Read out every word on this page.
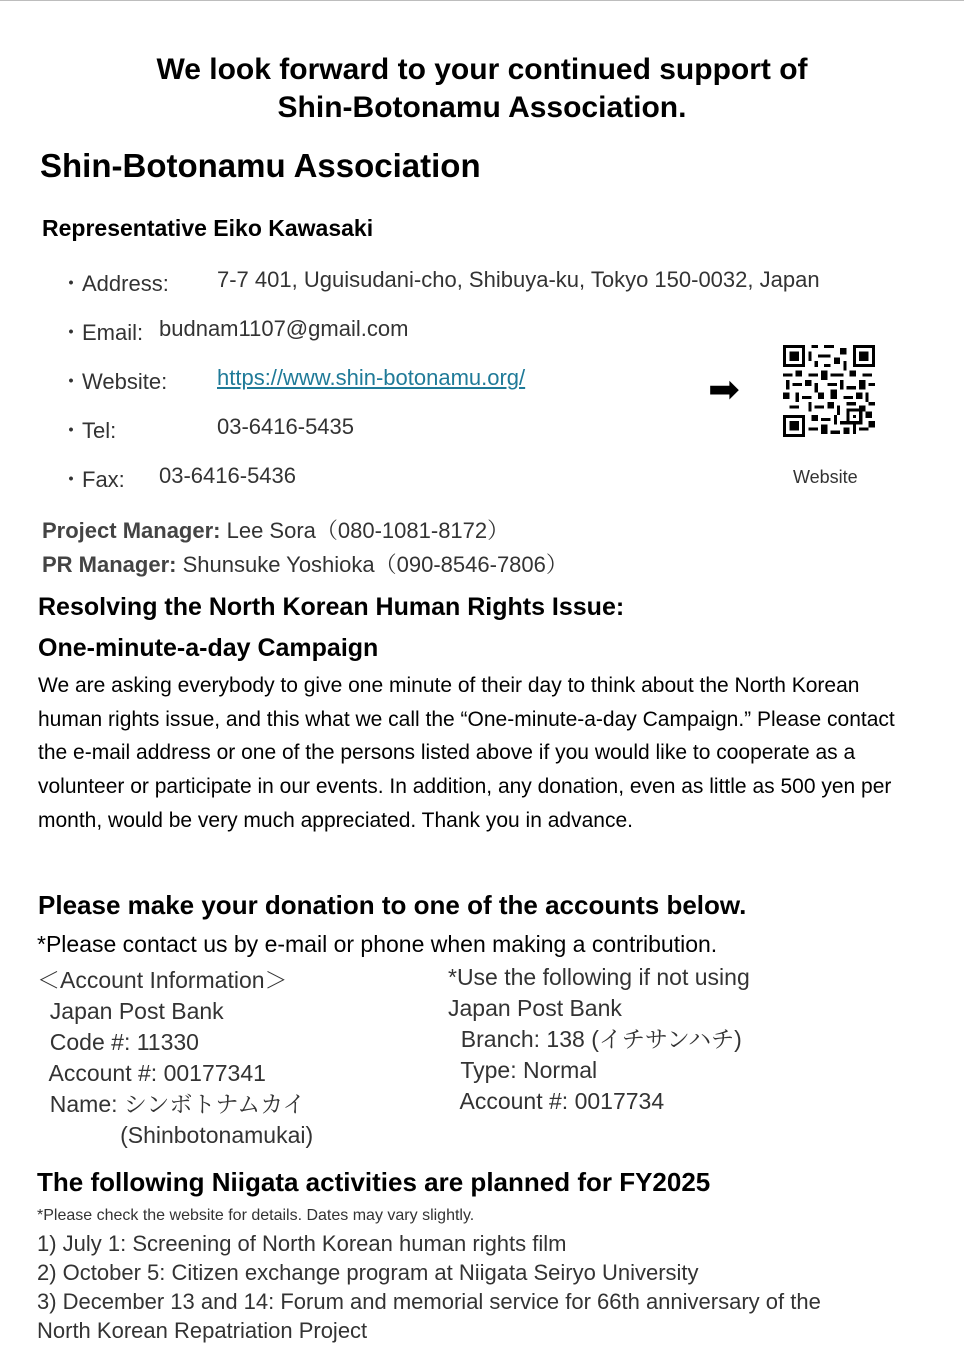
We look forward to your continued support of
Shin-Botonamu Association.
Shin-Botonamu Association
Representative Eiko Kawasaki
・Address: 7-7 401, Uguisudani-cho, Shibuya-ku, Tokyo 150-0032, Japan
・Email: budnam1107@gmail.com
・Website: https://www.shin-botonamu.org/
・Tel:	03-6416-5435
・Fax: 03-6416-5436
➡
Website
Project Manager: Lee Sora（080-1081-8172）
PR Manager: Shunsuke Yoshioka（090-8546-7806）
Resolving the North Korean Human Rights Issue:
One-minute-a-day Campaign
We are asking everybody to give one minute of their day to think about the North Korean human rights issue, and this what we call the “One-minute-a-day Campaign.” Please contact the e-mail address or one of the persons listed above if you would like to cooperate as a volunteer or participate in our events. In addition, any donation, even as little as 500 yen per month, would be very much appreciated. Thank you in advance.
Please make your donation to one of the accounts below.
*Please contact us by e-mail or phone when making a contribution.
＜Account Information＞
Japan Post Bank
Code #: 11330
Account #: 00177341
Name: シンボトナムカイ
(Shinbotonamukai)
*Use the following if not using
Japan Post Bank
Branch: 138 (イチサンハチ)
Type: Normal
Account #: 0017734
The following Niigata activities are planned for FY2025
*Please check the website for details. Dates may vary slightly.
1) July 1: Screening of North Korean human rights film
2) October 5: Citizen exchange program at Niigata Seiryo University
3) December 13 and 14: Forum and memorial service for 66th anniversary of the
North Korean Repatriation Project
